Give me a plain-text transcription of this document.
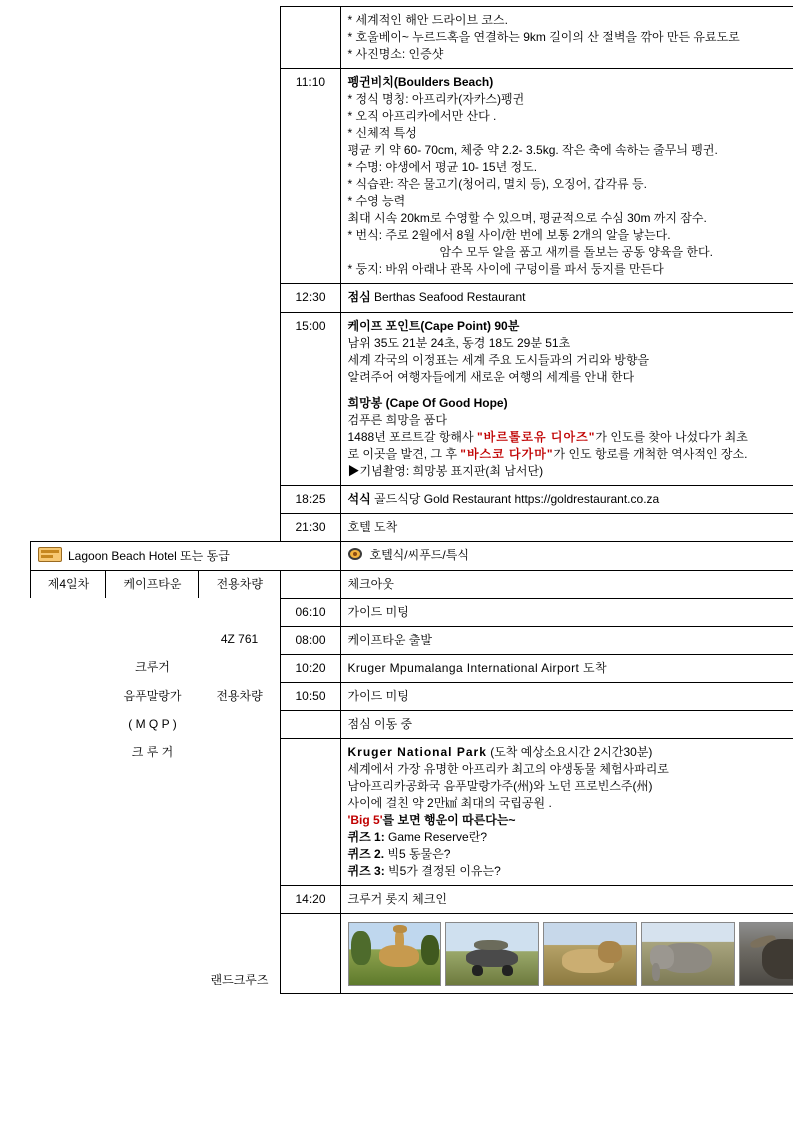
				* 세계적인 해안 드라이브 코스.
* 호울베이~ 누르드혹을 연결하는 9km 길이의 산 절벽을 깎아 만든 유료도로
* 사진명소: 인증샷

			11:10	펭귄비치(Boulders Beach)
* 정식 명칭: 아프리카(자카스)펭귄
* 오직 아프리카에서만 산다 .
* 신체적 특성
평균 키 약 60- 70cm, 체중 약 2.2- 3.5kg. 작은 축에 속하는 줄무늬 펭귄.
* 수명: 야생에서 평균 10- 15년 정도.
* 식습관: 작은 물고기(청어리, 멸치 등), 오징어, 갑각류 등.
* 수영 능력
최대 시속 20km로 수영할 수 있으며, 평균적으로 수심 30m 까지 잠수.
* 번식: 주로 2월에서 8월 사이/한 번에 보통 2개의 알을 낳는다.
암수 모두 알을 품고 새끼를 돌보는 공동 양육을 한다.
* 둥지: 바위 아래나 관목 사이에 구덩이를 파서 둥지를 만든다

			12:30	점심 Berthas Seafood Restaurant
			15:00	케이프 포인트(Cape Point) 90분
남위 35도 21분 24초, 동경 18도 29분 51초
세계 각국의 이정표는 세계 주요 도시들과의 거리와 방향을
알려주어 여행자들에게 새로운 여행의 세계를 안내 한다
희망봉 (Cape Of Good Hope)
검푸른 희망을 품다
1488년 포르트갈 항해사 "바르톨로유 디아즈"가 인도를 찾아 나섰다가 최초
로 이곳을 발견, 그 후 "바스코 다가마"가 인도 항로를 개척한 역사적인 장소.
▶기념촬영: 희망봉 표지판(최 남서단)

			18:25	석식 골드식당 Gold Restaurant https://goldrestaurant.co.za
			21:30	호텔 도착
Lagoon Beach Hotel 또는 동급				호텔식/씨푸드/특식
제4일차	케이프타운	전용차량		체크아웃
			06:10	가이드 미팅
		4Z 761	08:00	케이프타운 출발
	크루거		10:20	Kruger Mpumalanga International Airport 도착
	음푸말랑가	전용차량	10:50	가이드 미팅
	( M Q P )			점심 이동 중
	크 루 거			Kruger National Park (도착 예상소요시간 2시간30분)
세계에서 가장 유명한 아프리카 최고의 야생동물 체험사파리로
남아프리카공화국 음푸말랑가주(州)와 노던 프로빈스주(州)
사이에 걸친 약 2만㎢ 최대의 국립공원 .
'Big 5'를 보면 행운이 따른다는~
퀴즈 1: Game Reserve란?
퀴즈 2. 빅5 동물은?
퀴즈 3: 빅5가 결정된 이유는?

			14:20	크루거 롯지 체크인
		랜드크루즈		
